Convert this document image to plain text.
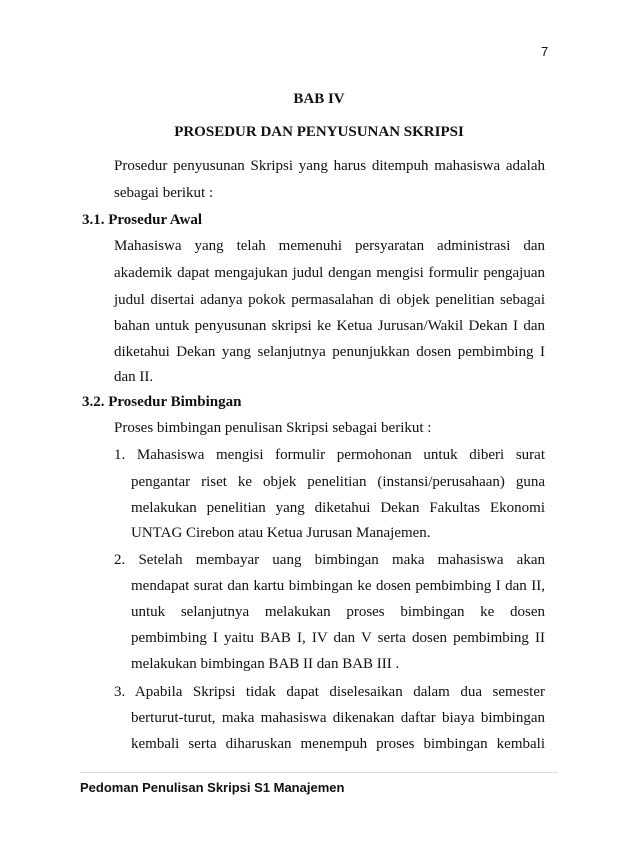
7
BAB IV
PROSEDUR DAN PENYUSUNAN SKRIPSI
Prosedur penyusunan Skripsi yang harus ditempuh mahasiswa adalah
sebagai berikut :
3.1. Prosedur Awal
Mahasiswa yang telah memenuhi persyaratan administrasi dan
akademik dapat mengajukan judul dengan mengisi formulir pengajuan
judul disertai adanya pokok permasalahan di objek penelitian sebagai
bahan untuk penyusunan skripsi ke Ketua Jurusan/Wakil Dekan I dan
diketahui Dekan yang selanjutnya penunjukkan dosen pembimbing I
dan II.
3.2. Prosedur Bimbingan
Proses bimbingan penulisan Skripsi sebagai berikut :
1. Mahasiswa mengisi formulir permohonan untuk diberi surat
pengantar riset ke objek penelitian (instansi/perusahaan) guna
melakukan penelitian yang diketahui Dekan Fakultas Ekonomi
UNTAG Cirebon atau Ketua Jurusan Manajemen.
2. Setelah membayar uang bimbingan maka mahasiswa akan
mendapat surat dan kartu bimbingan ke dosen pembimbing I dan II,
untuk selanjutnya melakukan proses bimbingan ke dosen
pembimbing I yaitu BAB I, IV dan V serta dosen pembimbing II
melakukan bimbingan BAB II dan BAB III .
3. Apabila Skripsi tidak dapat diselesaikan dalam dua semester
berturut-turut, maka mahasiswa dikenakan daftar biaya bimbingan
kembali serta diharuskan menempuh proses bimbingan kembali
Pedoman Penulisan Skripsi S1 Manajemen
